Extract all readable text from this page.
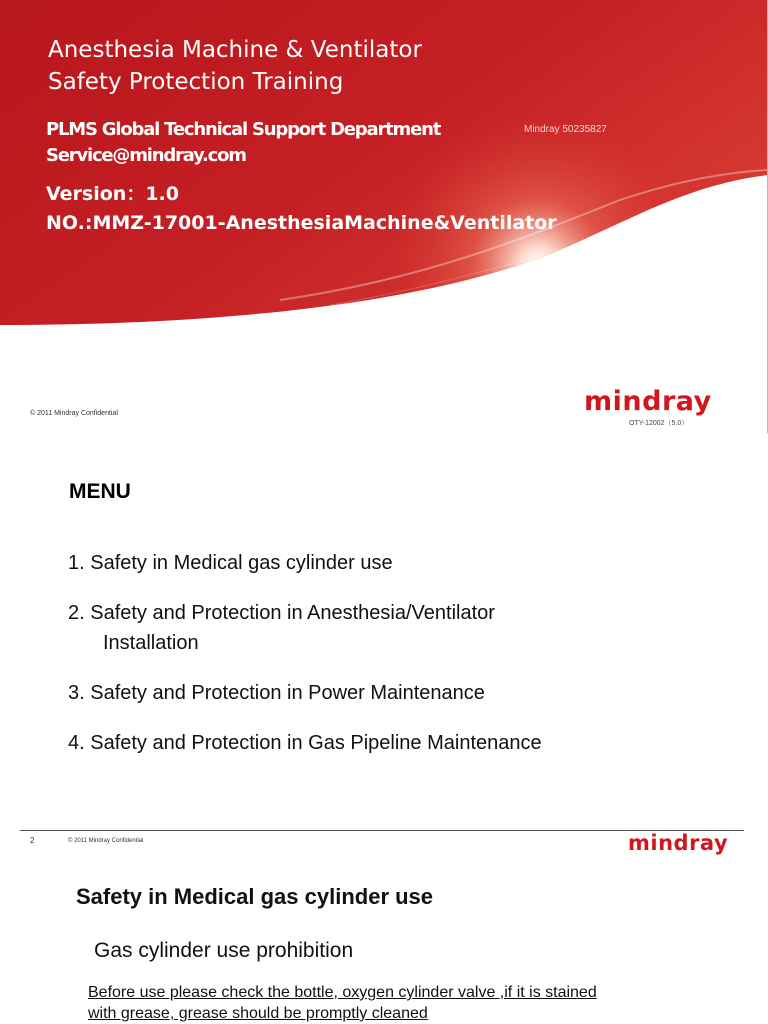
Anesthesia Machine & Ventilator
Safety Protection Training
PLMS Global Technical Support Department
Service@mindray.com
Mindray 50235827
Version：1.0
NO.:MMZ-17001-AnesthesiaMachine&Ventilator
© 2011 Mindray Confidential	mindray
OTY-12002（5.0）
MENU
1. Safety in Medical gas cylinder use
2. Safety and Protection in Anesthesia/Ventilator
Installation
3. Safety and Protection in Power Maintenance
4. Safety and Protection in Gas Pipeline Maintenance
2	© 2011 Mindray Confidential	mindray
Safety in Medical gas cylinder use
Gas cylinder use prohibition
Before use please check the bottle, oxygen cylinder valve ,if it is stained with grease, grease should be promptly cleaned
